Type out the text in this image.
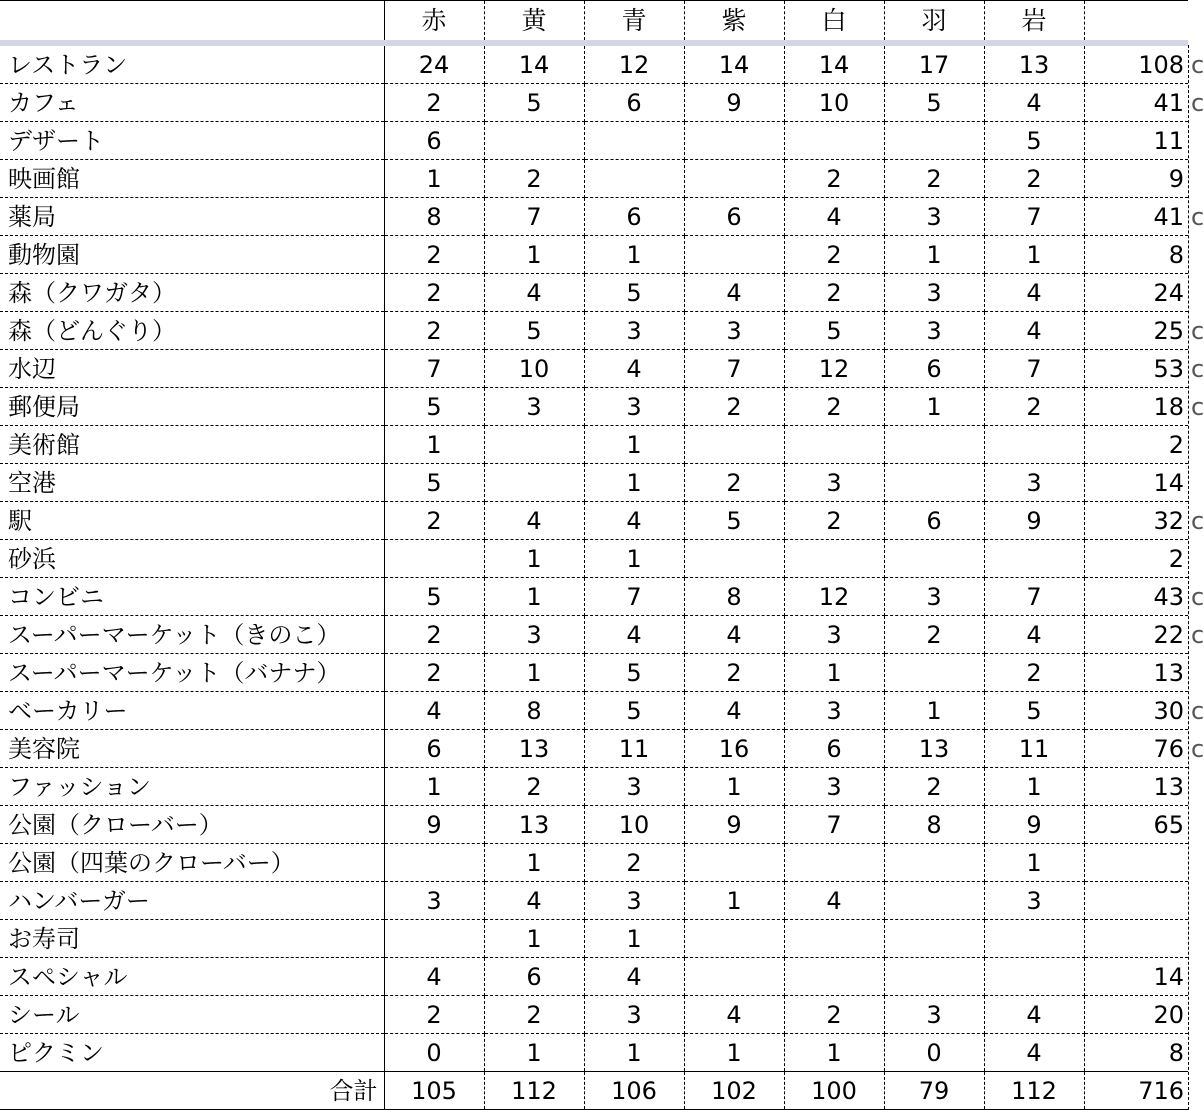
	赤	黄	青	紫	白	羽	岩	

レストラン	24	14	12	14	14	17	13	108
カフェ	2	5	6	9	10	5	4	41
デザート	6						5	11
映画館	1	2			2	2	2	9
薬局	8	7	6	6	4	3	7	41
動物園	2	1	1		2	1	1	8
森（クワガタ）	2	4	5	4	2	3	4	24
森（どんぐり）	2	5	3	3	5	3	4	25
水辺	7	10	4	7	12	6	7	53
郵便局	5	3	3	2	2	1	2	18
美術館	1		1					2
空港	5		1	2	3		3	14
駅	2	4	4	5	2	6	9	32
砂浜		1	1					2
コンビニ	5	1	7	8	12	3	7	43
スーパーマーケット（きのこ）	2	3	4	4	3	2	4	22
スーパーマーケット（バナナ）	2	1	5	2	1		2	13
ベーカリー	4	8	5	4	3	1	5	30
美容院	6	13	11	16	6	13	11	76
ファッション	1	2	3	1	3	2	1	13
公園（クローバー）	9	13	10	9	7	8	9	65
公園（四葉のクローバー）		1	2				1	
ハンバーガー	3	4	3	1	4		3	
お寿司		1	1					
スペシャル	4	6	4					14
シール	2	2	3	4	2	3	4	20
ピクミン	0	1	1	1	1	0	4	8
合計	105	112	106	102	100	79	112	716
c
c
c
c
c
c
c
c
c
c
c
